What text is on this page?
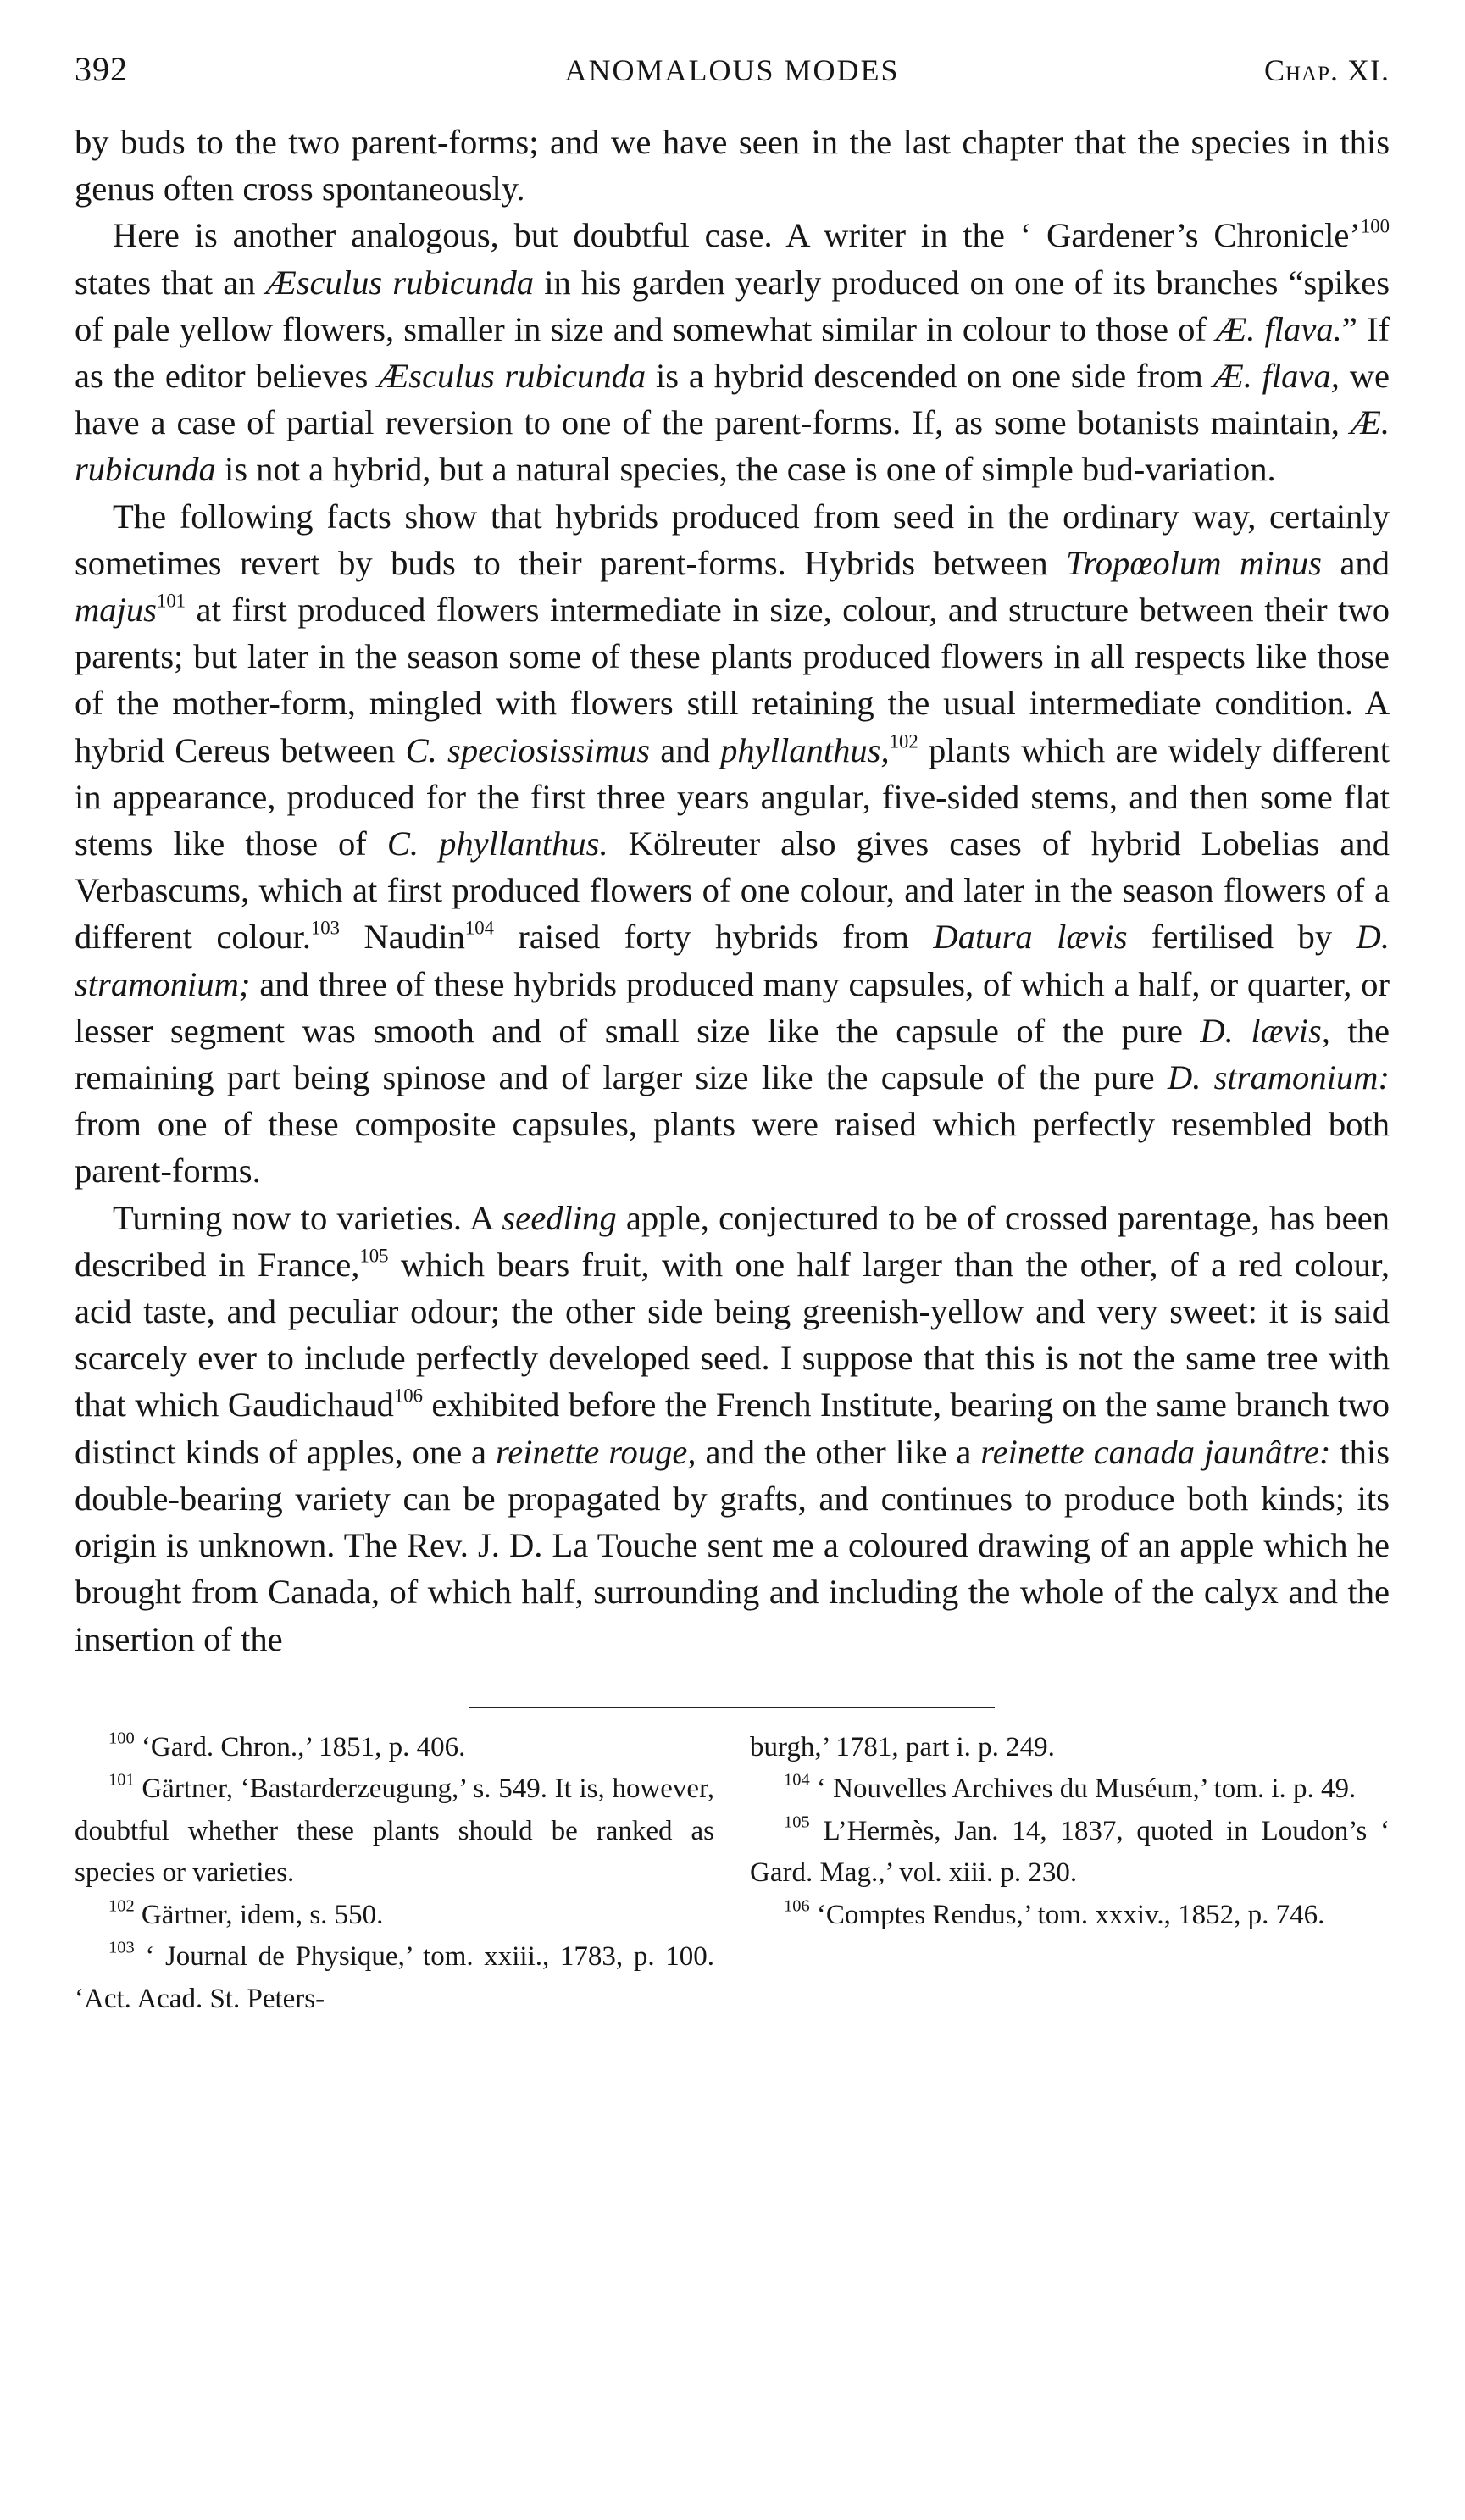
392	ANOMALOUS MODES	Chap. XI.

by buds to the two parent-forms; and we have seen in the last chapter that the species in this genus often cross spontaneously.

Here is another analogous, but doubtful case. A writer in the ‘ Gardener’s Chronicle’$^{100}$ states that an Æsculus rubicunda in his garden yearly produced on one of its branches “spikes of pale yellow flowers, smaller in size and somewhat similar in colour to those of Æ. flava.” If as the editor believes Æsculus rubicunda is a hybrid descended on one side from Æ. flava, we have a case of partial reversion to one of the parent-forms. If, as some botanists maintain, Æ. rubicunda is not a hybrid, but a natural species, the case is one of simple bud-variation.

The following facts show that hybrids produced from seed in the ordinary way, certainly sometimes revert by buds to their parent-forms. Hybrids between Tropœolum minus and majus$^{101}$ at first produced flowers intermediate in size, colour, and structure between their two parents; but later in the season some of these plants produced flowers in all respects like those of the mother-form, mingled with flowers still retaining the usual intermediate condition. A hybrid Cereus between C. speciosissimus and phyllanthus,$^{102}$ plants which are widely different in appearance, produced for the first three years angular, five-sided stems, and then some flat stems like those of C. phyllanthus. Kölreuter also gives cases of hybrid Lobelias and Verbascums, which at first produced flowers of one colour, and later in the season flowers of a different colour.$^{103}$ Naudin$^{104}$ raised forty hybrids from Datura lævis fertilised by D. stramonium; and three of these hybrids produced many capsules, of which a half, or quarter, or lesser segment was smooth and of small size like the capsule of the pure D. lævis, the remaining part being spinose and of larger size like the capsule of the pure D. stramonium: from one of these composite capsules, plants were raised which perfectly resembled both parent-forms.

Turning now to varieties. A seedling apple, conjectured to be of crossed parentage, has been described in France,$^{105}$ which bears fruit, with one half larger than the other, of a red colour, acid taste, and peculiar odour; the other side being greenish-yellow and very sweet: it is said scarcely ever to include perfectly developed seed. I suppose that this is not the same tree with that which Gaudichaud$^{106}$ exhibited before the French Institute, bearing on the same branch two distinct kinds of apples, one a reinette rouge, and the other like a reinette canada jaunâtre: this double-bearing variety can be propagated by grafts, and continues to produce both kinds; its origin is unknown. The Rev. J. D. La Touche sent me a coloured drawing of an apple which he brought from Canada, of which half, surrounding and including the whole of the calyx and the insertion of the

$^{100}$ ‘Gard. Chron.,’ 1851, p. 406.

$^{101}$ Gärtner, ‘Bastarderzeugung,’ s. 549. It is, however, doubtful whether these plants should be ranked as species or varieties.

$^{102}$ Gärtner, idem, s. 550.

$^{103}$ ‘ Journal de Physique,’ tom. xxiii., 1783, p. 100. ‘Act. Acad. St. Peters-

burgh,’ 1781, part i. p. 249.

$^{104}$ ‘ Nouvelles Archives du Muséum,’ tom. i. p. 49.

$^{105}$ L’Hermès, Jan. 14, 1837, quoted in Loudon’s ‘ Gard. Mag.,’ vol. xiii. p. 230.

$^{106}$ ‘Comptes Rendus,’ tom. xxxiv., 1852, p. 746.
